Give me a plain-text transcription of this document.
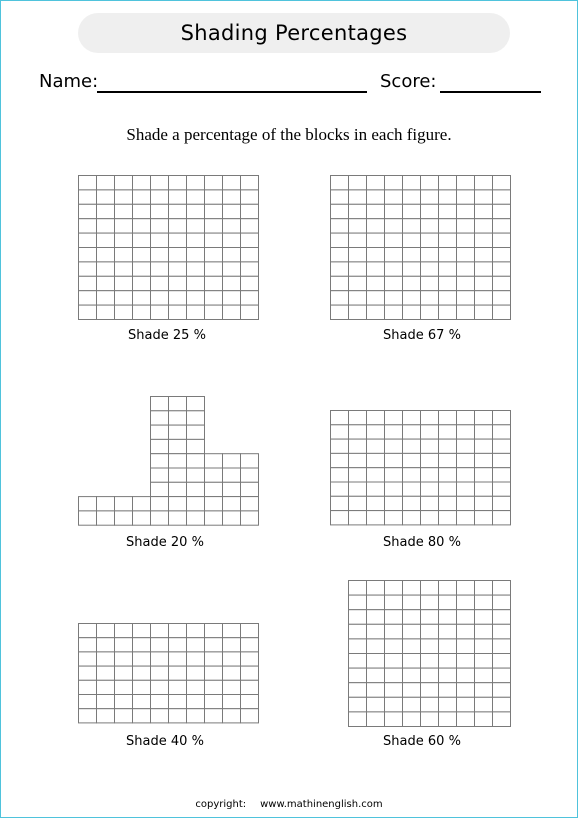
Shading Percentages
Name:	Score:
Shade a percentage of the blocks in each figure.
Shade 25 %	Shade 67 %
Shade 20 %	Shade 80 %
Shade 40 %	Shade 60 %
copyright: www.mathinenglish.com
